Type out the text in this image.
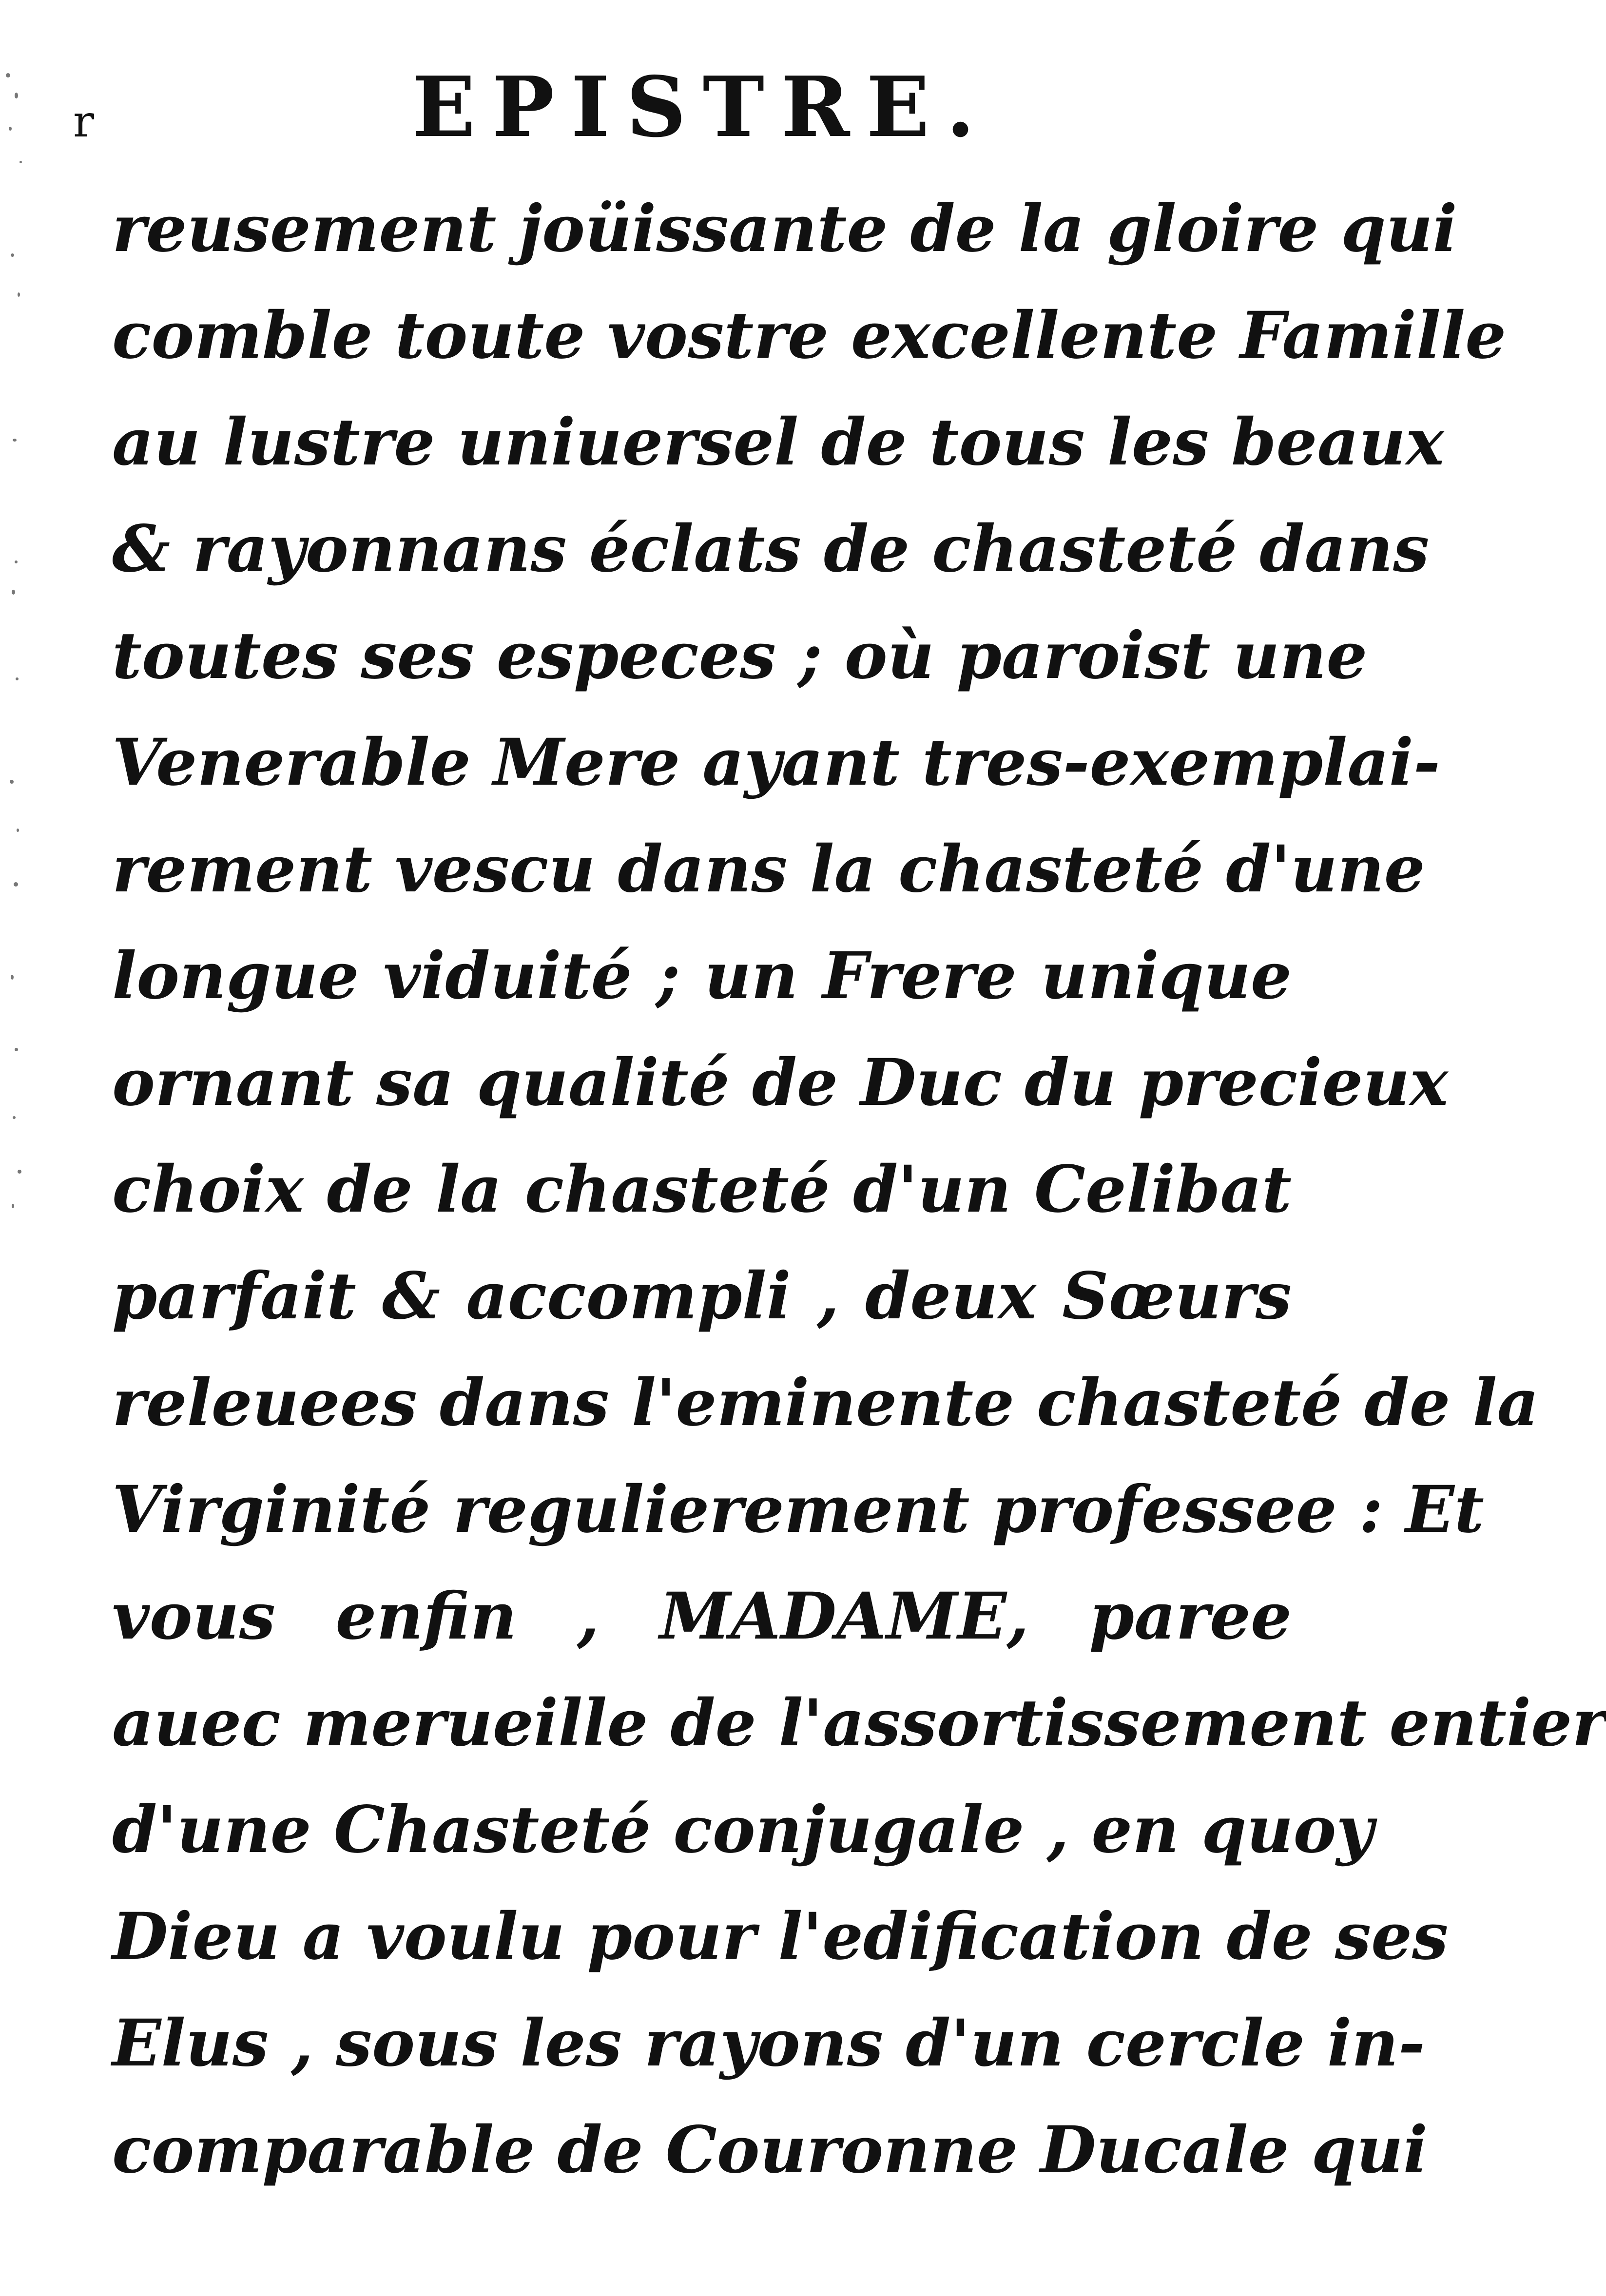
r	EPISTRE.
reusement joüissante de la gloire qui
comble toute vostre excellente Famille
au lustre uniuersel de tous les beaux
& rayonnans éclats de chasteté dans
toutes ses especes ; où paroist une
Venerable Mere ayant tres-exemplai-
rement vescu dans la chasteté d'une
longue viduité ; un Frere unique
ornant sa qualité de Duc du precieux
choix de la chasteté d'un Celibat
parfait & accompli , deux Sœurs
releuees dans l'eminente chasteté de la
Virginité regulierement professee : Et
vous enfin , MADAME, paree
auec merueille de l'assortissement entier
d'une Chasteté conjugale , en quoy
Dieu a voulu pour l'edification de ses
Elus , sous les rayons d'un cercle in-
comparable de Couronne Ducale qui
